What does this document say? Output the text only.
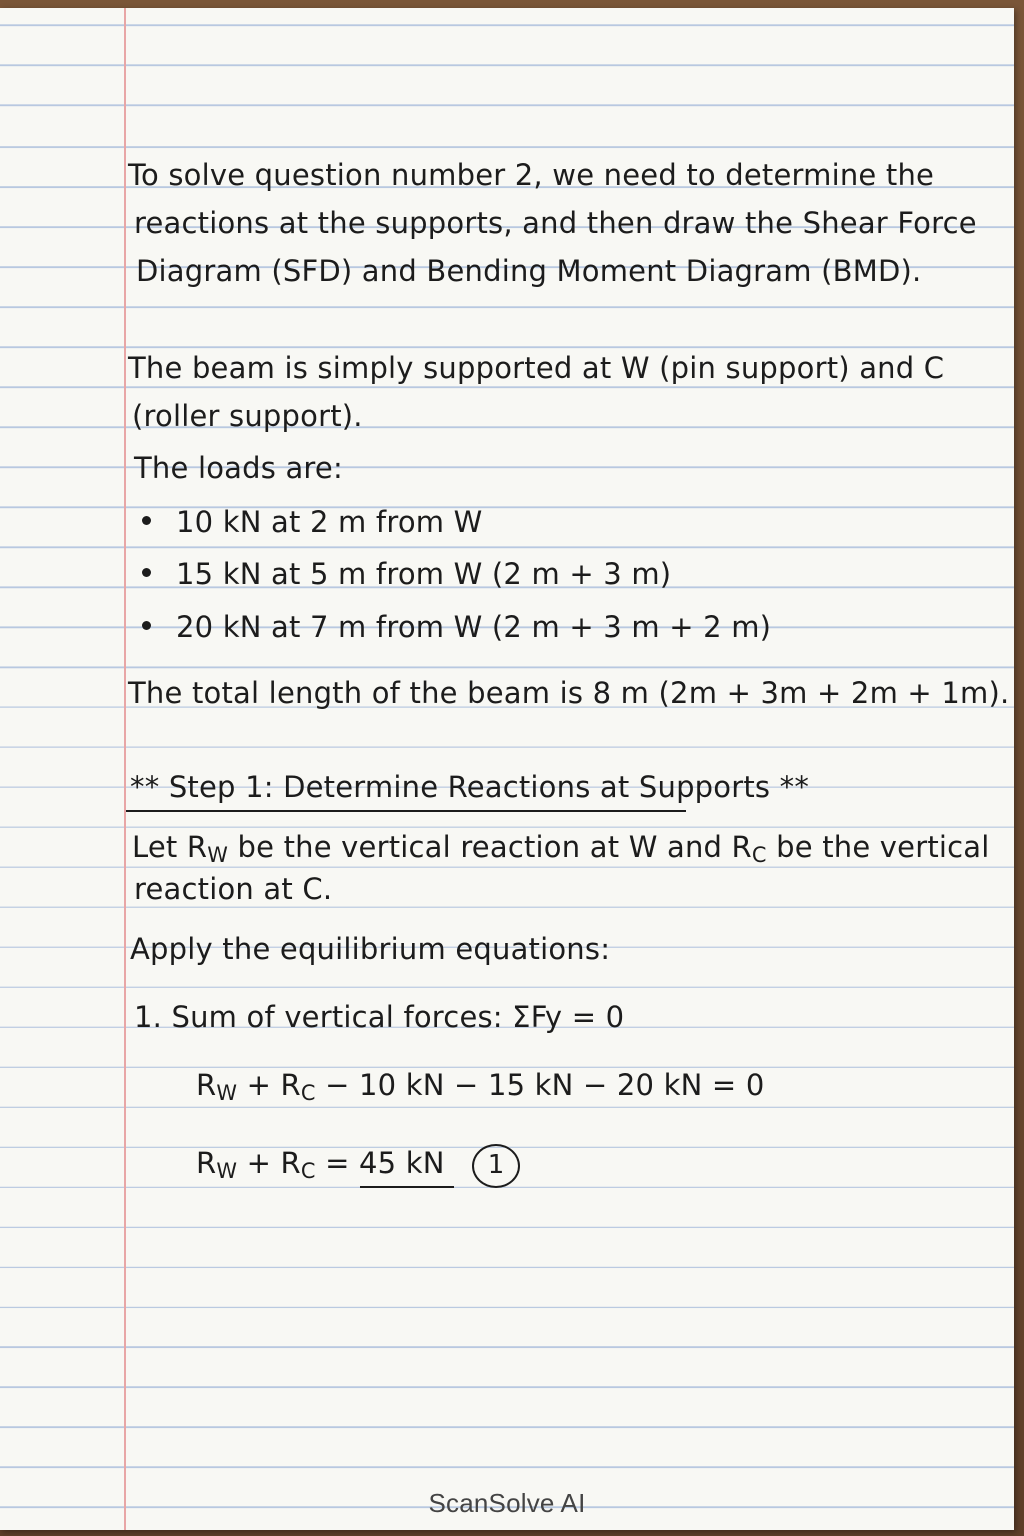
To solve question number 2, we need to determine the
reactions at the supports, and then draw the Shear Force
Diagram (SFD) and Bending Moment Diagram (BMD).
The beam is simply supported at W (pin support) and C
(roller support).
The loads are:
10 kN at 2 m from W
15 kN at 5 m from W (2 m + 3 m)
20 kN at 7 m from W (2 m + 3 m + 2 m)
The total length of the beam is 8 m (2m + 3m + 2m + 1m).
** Step 1: Determine Reactions at Supports **
Let $R_W$ be the vertical reaction at W and $R_C$ be the vertical
reaction at C.
Apply the equilibrium equations:
1. Sum of vertical forces: ΣFy = 0
$R_W + R_C - 10$ kN − 15 kN − 20 kN = 0
$R_W + R_C = 45$ kN	1
ScanSolve AI
